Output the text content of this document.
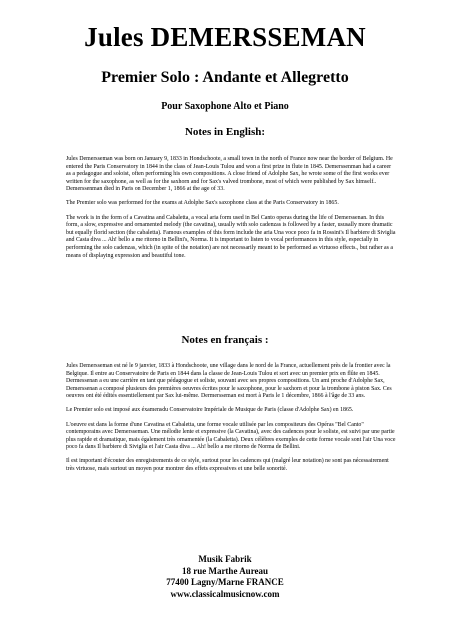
Jules DEMERSSEMAN
Premier Solo : Andante et Allegretto
Pour Saxophone Alto et Piano
Notes in English:

Jules Demersseman was born on January 9, 1833 in Hondschoote, a small town in the north of France now near the border of Belgium. He entered the Paris Conservatory in 1844 in the class of Jean-Louis Tulou and won a first prize in flute in 1845. Demerssenman had a career as a pedagogue and soloist, often performing his own compositions. A close friend of Adolphe Sax, he wrote some of the first works ever written for the saxophone, as well as for the saxhorn and for Sax's valved trombone, most of which were published by Sax himself.. Demerssenman died in Paris on December 1, 1866 at the age of 33.

The Premier solo was performed for the exams at Adolphe Sax's saxophone class at the Paris Conservatory in 1865.

The work is in the form of a Cavatina and Cabaletta, a vocal aria form used in Bel Canto operas during the life of Demerssenan. In this form, a slow, expressive and ornamented melody (the cavatina), usually with solo cadenzas is followed by a faster, ususally more dramatic but equally florid section (the cabaletta). Famous examples of this form include the aria Una voce poco fa in Rossini's Il barbiere di Siviglia and Casta diva ... Ah! bello a me ritorno in Bellini's, Norma. It is important to listen to vocal performances in this style, especially in performing the solo cadenzas, which (in spite of the notation) are not necessarily meant to be performed as virtuoso effects., but rather as a means of displaying expression and beautiful tone.

Notes en français :

Jules Demersseman est né le 9 janvier, 1833 à Hondschoote, une village dans le nord de la France, actuellement près de la frontier avec la Belgique. Il entre au Conservatoire de Paris en 1844 dans la classe de Jean-Louis Tulou et sort avec un premier prix en flûte en 1845. Dermessenan a eu une carrière en tant que pédagogue et soliste, souvant avec ses propres compositions. Un ami proche d'Adolphe Sax, Demerssenan a composé plusieurs des premières oeuvres écrites pour le saxophone, pour le saxhorn et pour la trombone à piston Sax. Ces oeuvres ont été édités essentiellement par Sax lui-même. Dermersseman est mort à Paris le 1 décembre, 1866 à l'âge de 33 ans.

Le Premier solo est imposé aux éxamensdu Conservatoire Impériale de Musique de Paris (classe d'Adolphe Sax) en 1865.

L'oeuvre est dans la forme d'une Cavatina et Cabaletta, une forme vocale utilisée par les compositeurs des Opéras "Bel Canto" contemporains avec Demersseman. Une mélodie lente et expressive (la Cavatina), avec des cadences pour le soliste, est suivi par une partie plus rapide et dramatique, mais également très ornamentée (la Cabaletta). Deux célèbres exemples de cette forme vocale sont l'air Una voce poco fa dans Il barbiere di Siviglia et l'air Casta diva ... Ah! bello a me ritorno de Norma de Bellini.

Il est important d'écouter des enregistrements de ce style, surtout pour les cadences qui (malgré leur notation) ne sont pas nécessairement très virtuose, mais surtout un moyen pour montrer des effets expressives et une belle sonorité.

Musik Fabrik
18 rue Marthe Aureau
77400 Lagny/Marne FRANCE
www.classicalmusicnow.com
